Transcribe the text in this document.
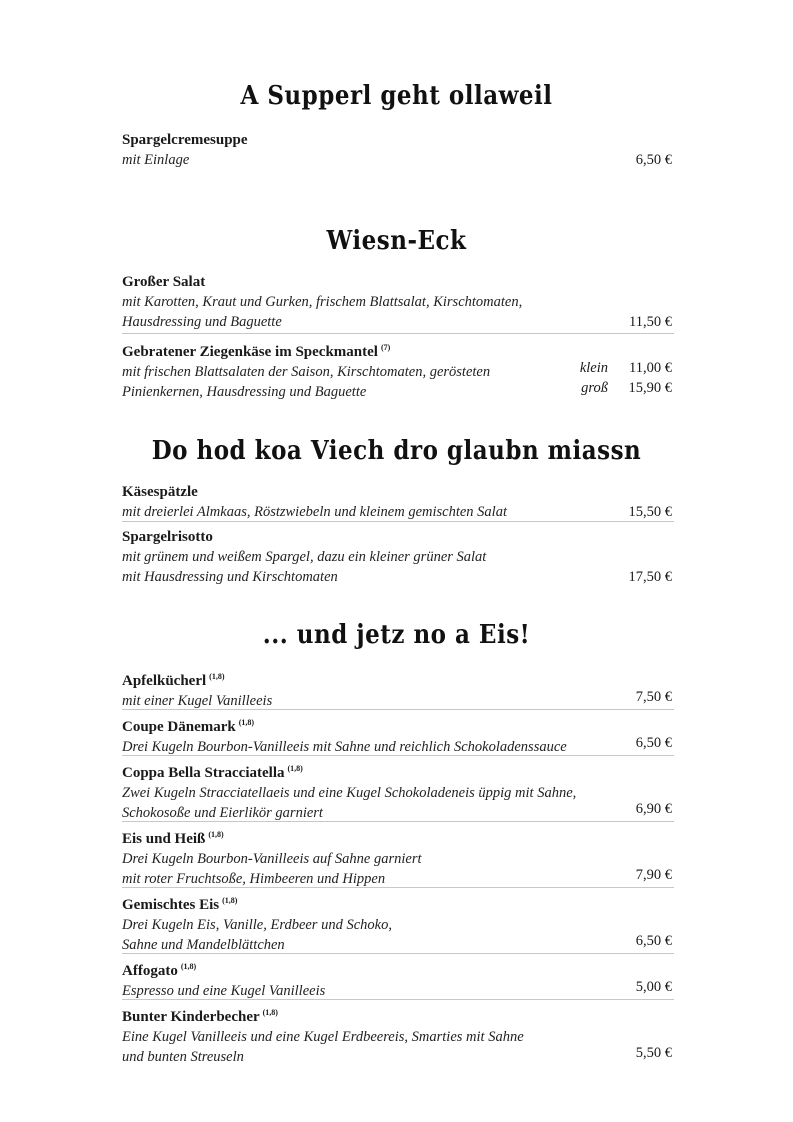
A Supperl geht ollaweil
Spargelcremesuppe
mit Einlage	6,50 €
Wiesn-Eck
Großer Salat
mit Karotten, Kraut und Gurken, frischem Blattsalat, Kirschtomaten,
Hausdressing und Baguette	11,50 €
Gebratener Ziegenkäse im Speckmantel $^{(7)}$
mit frischen Blattsalaten der Saison, Kirschtomaten, gerösteten
Pinienkernen, Hausdressing und Baguette
klein 11,00 €
groß 15,90 €
Do hod koa Viech dro glaubn miassn
Käsespätzle
mit dreierlei Almkaas, Röstzwiebeln und kleinem gemischten Salat	15,50 €
Spargelrisotto
mit grünem und weißem Spargel, dazu ein kleiner grüner Salat
mit Hausdressing und Kirschtomaten	17,50 €
... und jetz no a Eis!
Apfelkücherl $^{(1,8)}$
mit einer Kugel Vanilleeis	7,50 €
Coupe Dänemark $^{(1,8)}$
Drei Kugeln Bourbon-Vanilleeis mit Sahne und reichlich Schokoladenssauce	6,50 €
Coppa Bella Stracciatella $^{(1,8)}$
Zwei Kugeln Stracciatellaeis und eine Kugel Schokoladeneis üppig mit Sahne,
Schokosoße und Eierlikör garniert	6,90 €
Eis und Heiß $^{(1,8)}$
Drei Kugeln Bourbon-Vanilleeis auf Sahne garniert
mit roter Fruchtsoße, Himbeeren und Hippen	7,90 €
Gemischtes Eis $^{(1,8)}$
Drei Kugeln Eis, Vanille, Erdbeer und Schoko,
Sahne und Mandelblättchen	6,50 €
Affogato $^{(1,8)}$
Espresso und eine Kugel Vanilleeis	5,00 €
Bunter Kinderbecher $^{(1,8)}$
Eine Kugel Vanilleeis und eine Kugel Erdbeereis, Smarties mit Sahne
und bunten Streuseln	5,50 €
